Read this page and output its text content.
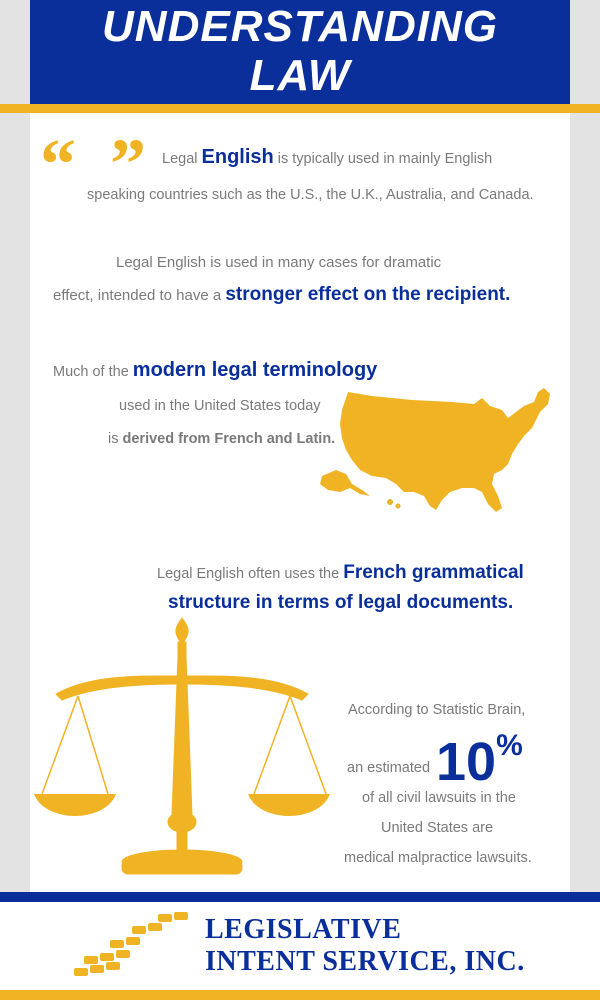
UNDERSTANDING
LAW
“ ” Legal English is typically used in mainly English
speaking countries such as the U.S., the U.K., Australia, and Canada.
Legal English is used in many cases for dramatic
effect, intended to have a stronger effect on the recipient.
Much of the modern legal terminology
used in the United States today
is derived from French and Latin.
Legal English often uses the French grammatical
structure in terms of legal documents.
According to Statistic Brain,
an estimated 10%
of all civil lawsuits in the
United States are
medical malpractice lawsuits.
LEGISLATIVE
INTENT SERVICE, INC.
